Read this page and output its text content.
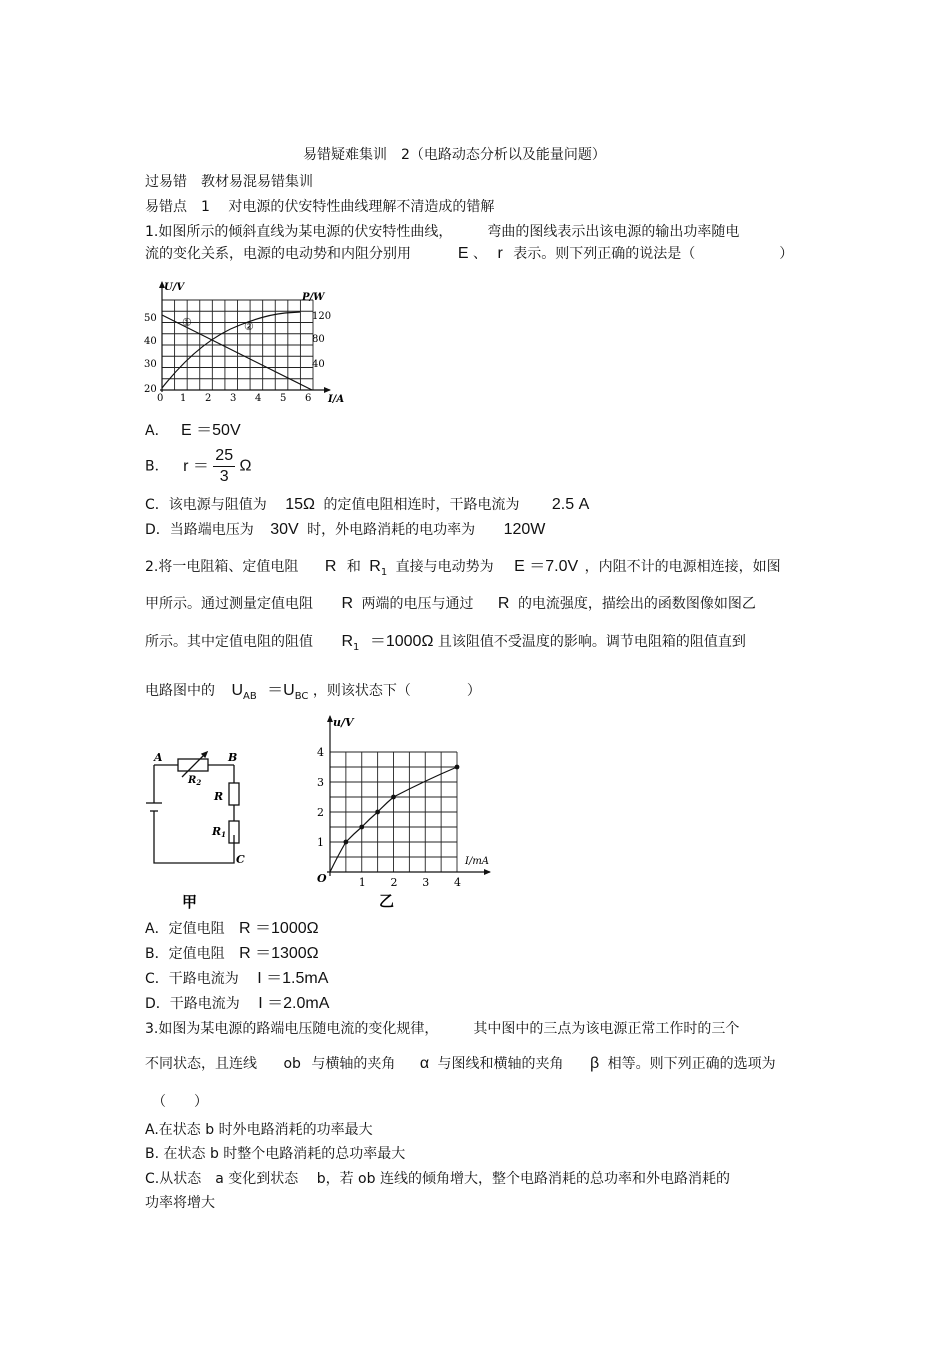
易错疑难集训　2（电路动态分析以及能量问题）
过易错　教材易混易错集训
易错点　1　 对电源的伏安特性曲线理解不清造成的错解
1.如图所示的倾斜直线为某电源的伏安特性曲线，　　　弯曲的图线表示出该电源的输出功率随电
流的变化关系，电源的电动势和内阻分别用	E 、 r 表示。则下列正确的说法是（　　　　　　）
U/V
P/W
I/A
50
40
30
20
120
80
40
0 1 2 3 4 5 6
①	②
A． E ＝50V
B． $r = \frac{25}{3}$ Ω
C．该电源与阻值为 15Ω 的定值电阻相连时，干路电流为 2.5 A
D．当路端电压为 30V 时，外电路消耗的电功率为 120W
2.将一电阻箱、定值电阻 R 和 $R_1$ 直接与电动势为 E ＝7.0V ，内阻不计的电源相连接，如图
甲所示。通过测量定值电阻 R 两端的电压与通过 R 的电流强度，描绘出的函数图像如图乙
所示。其中定值电阻的阻值 $R_1 =1000\Omega$ 且该阻值不受温度的影响。调节电阻箱的阻值直到
电路图中的 $U_{AB} =U_{BC}$ ，则该状态下（　　　　）
A	B
C
$R_2$
R
R1
甲
u/V
I/mA
O
1
2
3
4
1 2 3 4
乙
A．定值电阻 R ＝1000Ω
B．定值电阻 R ＝1300Ω
C．干路电流为 I ＝1.5mA
D．干路电流为 I ＝2.0mA
3.如图为某电源的路端电压随电流的变化规律，　　　其中图中的三点为该电源正常工作时的三个
不同状态，且连线 ob 与横轴的夹角 α 与图线和横轴的夹角 β 相等。则下列正确的选项为
（　　）
A.在状态 b 时外电路消耗的功率最大
B. 在状态 b 时整个电路消耗的总功率最大
C.从状态　a 变化到状态　 b，若 ob 连线的倾角增大，整个电路消耗的总功率和外电路消耗的
功率将增大
